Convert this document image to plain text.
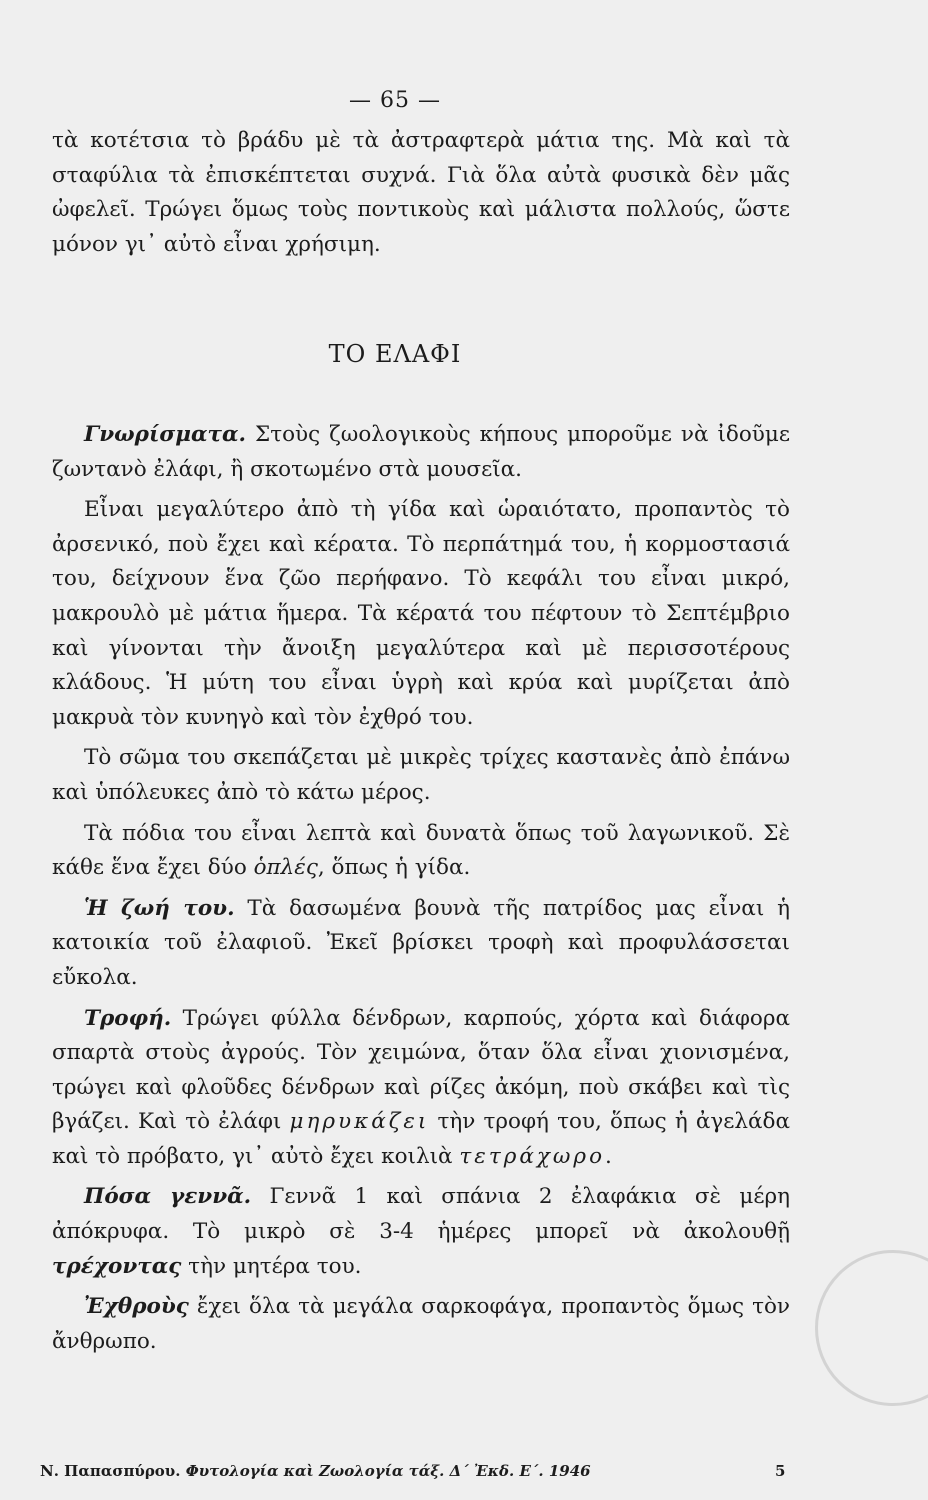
— 65 —

τὰ κοτέτσια τὸ βράδυ μὲ τὰ ἀστραφτερὰ μάτια της. Μὰ καὶ τὰ σταφύλια τὰ ἐπισκέπτεται συχνά. Γιὰ ὅλα αὐτὰ φυσικὰ δὲν μᾶς ὠφελεῖ. Τρώγει ὅμως τοὺς ποντικοὺς καὶ μάλιστα πολλούς, ὥστε μόνον γι᾽ αὐτὸ εἶναι χρήσιμη.

ΤΟ ΕΛΑΦΙ

Γνωρίσματα. Στοὺς ζωολογικοὺς κήπους μποροῦμε νὰ ἰδοῦμε ζωντανὸ ἐλάφι, ἢ σκοτωμένο στὰ μουσεῖα.

Εἶναι μεγαλύτερο ἀπὸ τὴ γίδα καὶ ὡραιότατο, προπαντὸς τὸ ἀρσενικό, ποὺ ἔχει καὶ κέρατα. Τὸ περπάτημά του, ἡ κορμοστασιά του, δείχνουν ἕνα ζῶο περήφανο. Τὸ κεφάλι του εἶναι μικρό, μακρουλὸ μὲ μάτια ἥμερα. Τὰ κέρατά του πέφτουν τὸ Σεπτέμβριο καὶ γίνονται τὴν ἄνοιξη μεγαλύτερα καὶ μὲ περισσοτέρους κλάδους. Ἡ μύτη του εἶναι ὑγρὴ καὶ κρύα καὶ μυρίζεται ἀπὸ μακρυὰ τὸν κυνηγὸ καὶ τὸν ἐχθρό του.

Τὸ σῶμα του σκεπάζεται μὲ μικρὲς τρίχες καστανὲς ἀπὸ ἐπάνω καὶ ὑπόλευκες ἀπὸ τὸ κάτω μέρος.

Τὰ πόδια του εἶναι λεπτὰ καὶ δυνατὰ ὅπως τοῦ λαγωνικοῦ. Σὲ κάθε ἕνα ἔχει δύο ὁπλές, ὅπως ἡ γίδα.

Ἡ ζωή του. Τὰ δασωμένα βουνὰ τῆς πατρίδος μας εἶναι ἡ κατοικία τοῦ ἐλαφιοῦ. Ἐκεῖ βρίσκει τροφὴ καὶ προφυλάσσεται εὔκολα.

Τροφή. Τρώγει φύλλα δένδρων, καρπούς, χόρτα καὶ διάφορα σπαρτὰ στοὺς ἀγρούς. Τὸν χειμώνα, ὅταν ὅλα εἶναι χιονισμένα, τρώγει καὶ φλοῦδες δένδρων καὶ ρίζες ἀκόμη, ποὺ σκάβει καὶ τὶς βγάζει. Καὶ τὸ ἐλάφι μηρυκάζει τὴν τροφή του, ὅπως ἡ ἀγελάδα καὶ τὸ πρόβατο, γι᾽ αὐτὸ ἔχει κοιλιὰ τετράχωρο.

Πόσα γεννᾶ. Γεννᾶ 1 καὶ σπάνια 2 ἐλαφάκια σὲ μέρη ἀπόκρυφα. Τὸ μικρὸ σὲ 3-4 ἡμέρες μπορεῖ νὰ ἀκολουθῇ τρέχοντας τὴν μητέρα του.

Ἐχθροὺς ἔχει ὅλα τὰ μεγάλα σαρκοφάγα, προπαντὸς ὅμως τὸν ἄνθρωπο.

Ν. Παπασπύρου. Φυτολογία καὶ Ζωολογία τάξ. Δ´ Ἐκδ. Ε´. 1946	5
